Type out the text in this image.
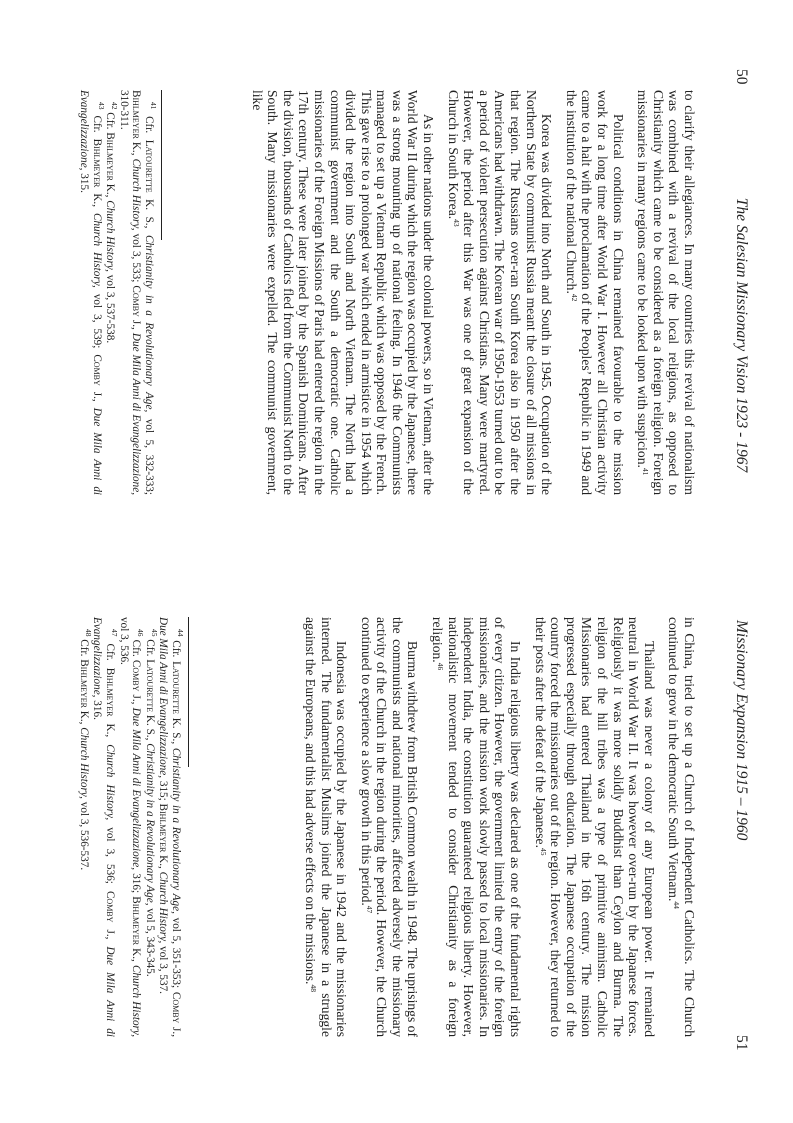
50
The Salesian Missionary Vision 1923 - 1967

to clarify their allegiances. In many countries this revival of nationalism was combined with a revival of the local religions, as opposed to Christianity which came to be considered as a foreign religion. Foreign missionaries in many regions came to be looked upon with suspicion.$^{41}$

Political conditions in China remained favourable to the mission work for a long time after World War I. However all Christian activity came to a halt with the proclamation of the Peoples’ Republic in 1949 and the institution of the national Church.$^{42}$

Korea was divided into North and South in 1945. Occupation of the Northern State by communist Russia meant the closure of all missions in that region. The Russians over-ran South Korea also in 1950 after the Americans had withdrawn. The Korean war of 1950-1953 turned out to be a period of violent persecution against Christians. Many were martyred. However, the period after this War was one of great expansion of the Church in South Korea.$^{43}$

As in other nations under the colonial powers, so in Vietnam, after the World War II during which the region was occupied by the Japanese, there was a strong mounting up of national feeling. In 1946 the Communists managed to set up a Vietnam Republic which was opposed by the French. This gave rise to a prolonged war which ended in armistice in 1954 which divided the region into South and North Vietnam. The North had a communist government and the South a democratic one. Catholic missionaries of the Foreign Missions of Paris had entered the region in the 17th century. These were later joined by the Spanish Dominicans. After the division, thousands of Catholics fled from the Communist North to the South. Many missionaries were expelled. The communist government, like

$^{41}$ Cfr. Latourette K. S., Christianity in a Revolutionary Age, vol 5, 332-333; Bihlmeyer K., Church History, vol 3, 533; Comby J., Due Mila Anni di Evangelizzazione, 310-311.
$^{42}$ Cfr. Bihlmeyer K., Church History, vol 3, 537-538.
$^{43}$ Cfr. Bihlmeyer K., Church History, vol 3, 539; Comby J., Due Mila Anni di Evangelizzazione, 315.
Missionary Expansion 1915 – 1960
51

in China, tried to set up a Church of Independent Catholics. The Church continued to grow in the democratic South Vietnam.$^{44}$

Thailand was never a colony of any European power. It remained neutral in World War II. It was however over-run by the Japanese forces. Religiously it was more solidly Buddhist than Ceylon and Burma. The religion of the hill tribes was a type of primitive animism. Catholic Missionaries had entered Thailand in the 16th century. The mission progressed especially through education. The Japanese occupation of the country forced the missionaries out of the region. However, they returned to their posts after the defeat of the Japanese.$^{45}$

In India religious liberty was declared as one of the fundamental rights of every citizen. However, the government limited the entry of the foreign missionaries, and the mission work slowly passed to local missionaries. In independent India, the constitution guaranteed religious liberty. However, nationalistic movement tended to consider Christianity as a foreign religion.$^{46}$

Burma withdrew from British Common wealth in 1948. The uprisings of the communists and national minorities, affected adversely the missionary activity of the Church in the region during the period. However, the Church continued to experience a slow growth in this period.$^{47}$

Indonesia was occupied by the Japanese in 1942 and the missionaries interned. The fundamentalist Muslims joined the Japanese in a struggle against the Europeans, and this had adverse effects on the missions.$^{48}$

$^{44}$ Cfr. Latourette K. S., Christianity in a Revolutionary Age, vol 5, 351-353; Comby J., Due Mila Anni di Evangelizzazione, 315; Bihlmeyer K., Church History, vol 3, 537.
$^{45}$ Cfr. Latourette K. S., Christianity in a Revolutionary Age, vol 5, 343-345.
$^{46}$ Cfr. Comby J., Due Mila Anni di Evangelizzazione, 316; Bihlmeyer K., Church History, vol 3, 536.
$^{47}$ Cfr. Bihlmeyer K., Church History, vol 3, 536; Comby J., Due Mila Anni di Evangelizzazione, 316.
$^{48}$ Cfr. Bihlmeyer K., Church History, vol 3, 536-537.
